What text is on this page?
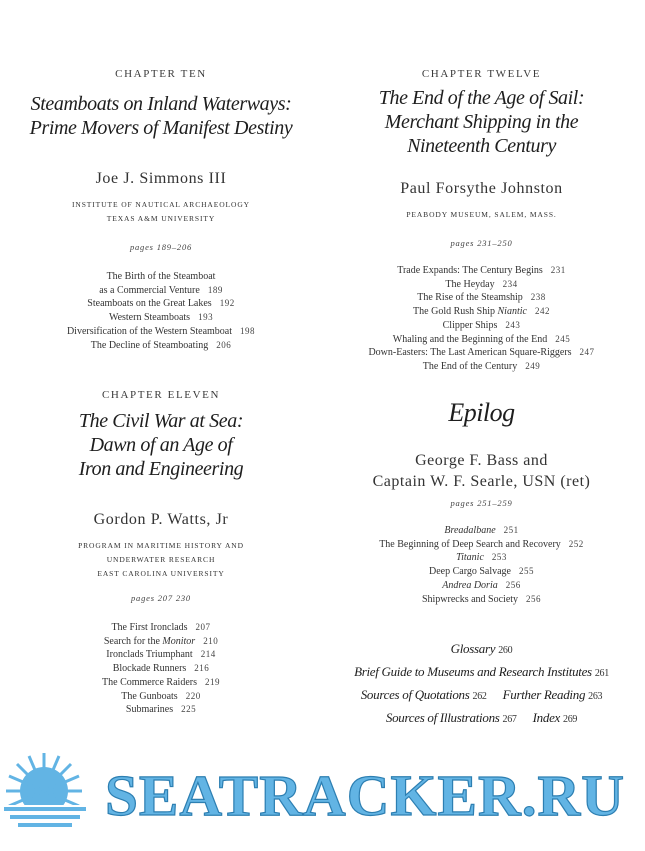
CHAPTER TEN
Steamboats on Inland Waterways:
Prime Movers of Manifest Destiny
Joe J. Simmons III
INSTITUTE OF NAUTICAL ARCHAEOLOGY
TEXAS A&M UNIVERSITY
pages 189–206
The Birth of the Steamboat
as a Commercial Venture 189
Steamboats on the Great Lakes 192
Western Steamboats 193
Diversification of the Western Steamboat 198
The Decline of Steamboating 206
CHAPTER ELEVEN
The Civil War at Sea:
Dawn of an Age of
Iron and Engineering
Gordon P. Watts, Jr
PROGRAM IN MARITIME HISTORY AND
UNDERWATER RESEARCH
EAST CAROLINA UNIVERSITY
pages 207 230
The First Ironclads 207
Search for the Monitor 210
Ironclads Triumphant 214
Blockade Runners 216
The Commerce Raiders 219
The Gunboats 220
Submarines 225
CHAPTER TWELVE
The End of the Age of Sail:
Merchant Shipping in the
Nineteenth Century
Paul Forsythe Johnston
PEABODY MUSEUM, SALEM, MASS.
pages 231–250
Trade Expands: The Century Begins 231
The Heyday 234
The Rise of the Steamship 238
The Gold Rush Ship Niantic 242
Clipper Ships 243
Whaling and the Beginning of the End 245
Down-Easters: The Last American Square-Riggers 247
The End of the Century 249
Epilog
George F. Bass and
Captain W. F. Searle, USN (ret)
pages 251–259
Breadalbane 251
The Beginning of Deep Search and Recovery 252
Titanic 253
Deep Cargo Salvage 255
Andrea Doria 256
Shipwrecks and Society 256
Glossary 260
Brief Guide to Museums and Research Institutes 261
Sources of Quotations 262 Further Reading 263
Sources of Illustrations 267 Index 269
SEATRACKER.RU
